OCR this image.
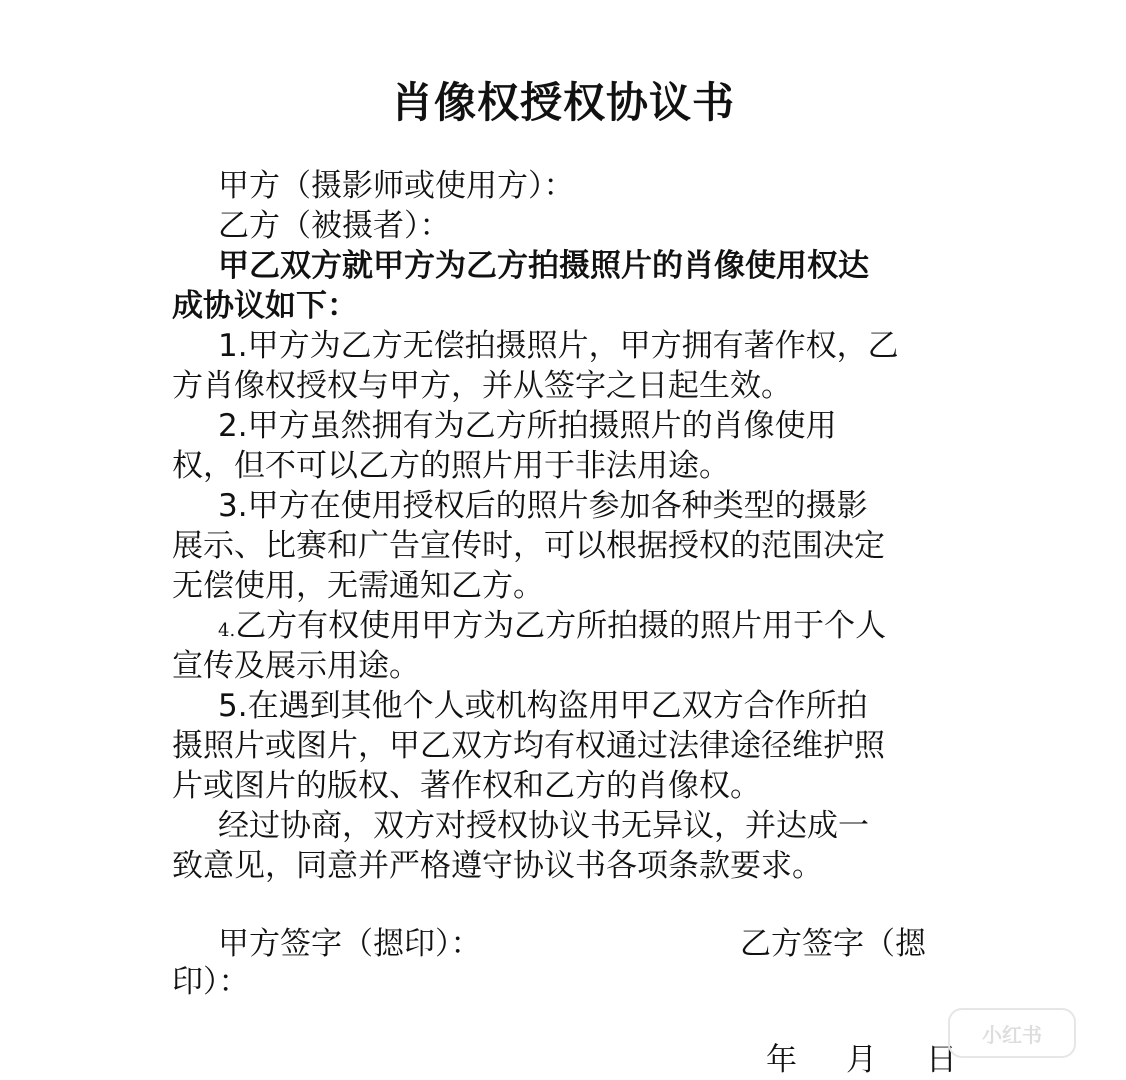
肖像权授权协议书
甲方（摄影师或使用方）：
乙方（被摄者）：
甲乙双方就甲方为乙方拍摄照片的肖像使用权达
成协议如下：
1.甲方为乙方无偿拍摄照片，甲方拥有著作权，乙
方肖像权授权与甲方，并从签字之日起生效。
2.甲方虽然拥有为乙方所拍摄照片的肖像使用
权，但不可以乙方的照片用于非法用途。
3.甲方在使用授权后的照片参加各种类型的摄影
展示、比赛和广告宣传时，可以根据授权的范围决定
无偿使用，无需通知乙方。
4.乙方有权使用甲方为乙方所拍摄的照片用于个人
宣传及展示用途。
5.在遇到其他个人或机构盗用甲乙双方合作所拍
摄照片或图片，甲乙双方均有权通过法律途径维护照
片或图片的版权、著作权和乙方的肖像权。
经过协商，双方对授权协议书无异议，并达成一
致意见，同意并严格遵守协议书各项条款要求。
甲方签字（摁印）：	乙方签字（摁
印）：
年 月 日
小红书
